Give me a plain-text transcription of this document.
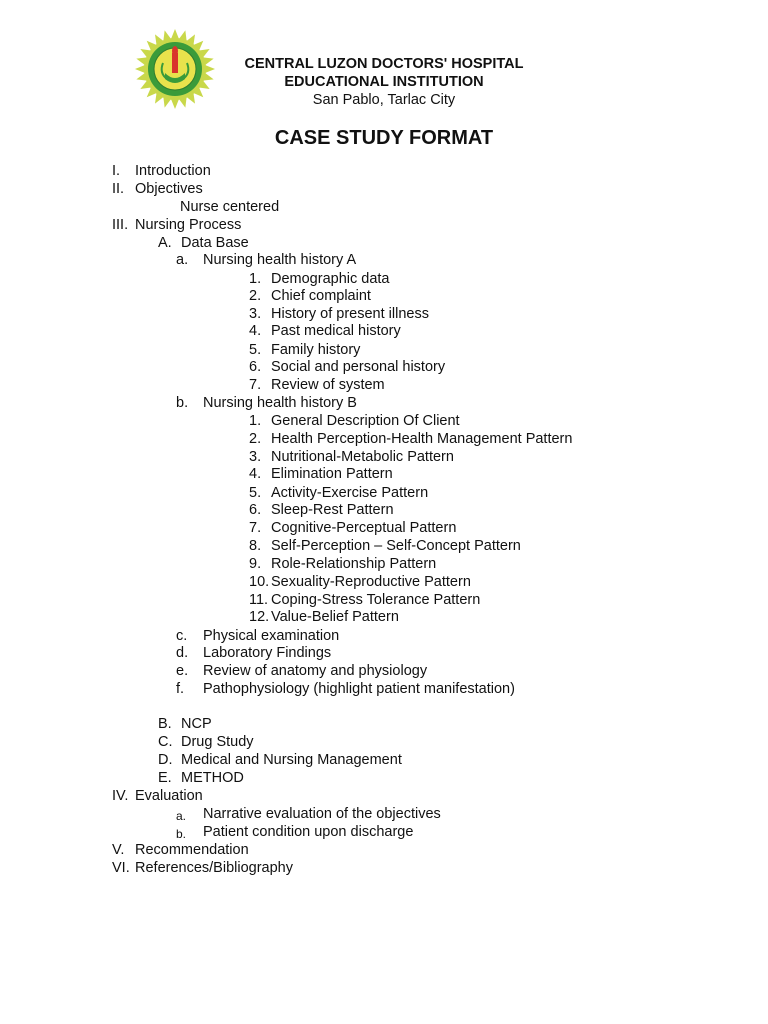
CENTRAL LUZON DOCTORS' HOSPITAL
EDUCATIONAL INSTITUTION
San Pablo, Tarlac City
CASE STUDY FORMAT
I. Introduction
II. Objectives
Nurse centered
III. Nursing Process
A. Data Base
a. Nursing health history A
1. Demographic data
2. Chief complaint
3. History of present illness
4. Past medical history
5. Family history
6. Social and personal history
7. Review of system
b. Nursing health history B
1. General Description Of Client
2. Health Perception-Health Management Pattern
3. Nutritional-Metabolic Pattern
4. Elimination Pattern
5. Activity-Exercise Pattern
6. Sleep-Rest Pattern
7. Cognitive-Perceptual Pattern
8. Self-Perception – Self-Concept Pattern
9. Role-Relationship Pattern
10. Sexuality-Reproductive Pattern
11. Coping-Stress Tolerance Pattern
12. Value-Belief Pattern
c. Physical examination
d. Laboratory Findings
e. Review of anatomy and physiology
f. Pathophysiology (highlight patient manifestation)
B. NCP
C. Drug Study
D. Medical and Nursing Management
E. METHOD
IV. Evaluation
a. Narrative evaluation of the objectives
b. Patient condition upon discharge
V. Recommendation
VI. References/Bibliography
